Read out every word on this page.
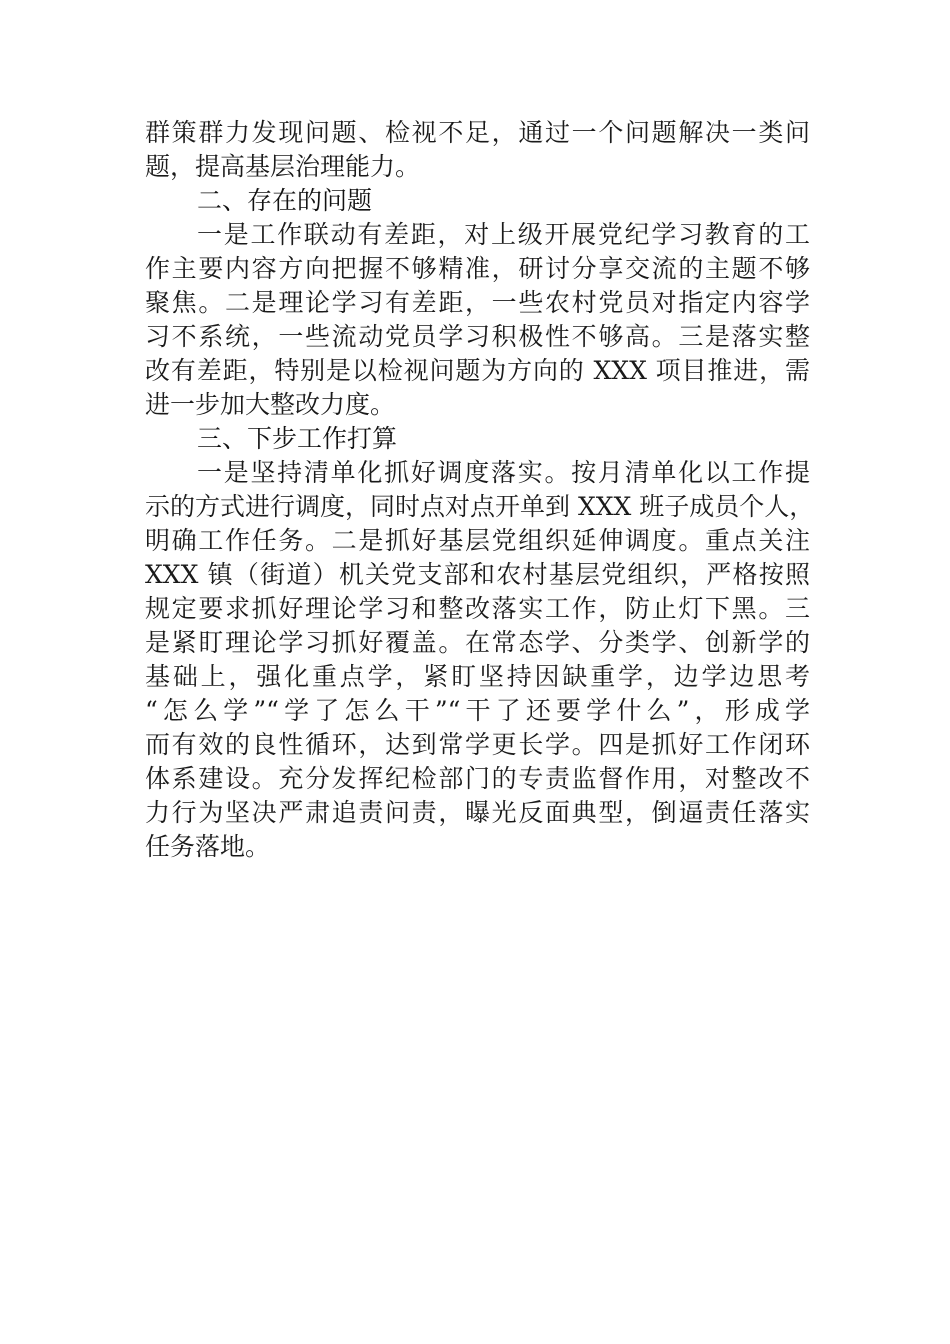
群策群力发现问题、检视不足，通过一个问题解决一类问
题，提高基层治理能力。
二、存在的问题
一是工作联动有差距，对上级开展党纪学习教育的工
作主要内容方向把握不够精准，研讨分享交流的主题不够
聚焦。二是理论学习有差距，一些农村党员对指定内容学
习不系统，一些流动党员学习积极性不够高。三是落实整
改有差距，特别是以检视问题为方向的 XXX 项目推进，需
进一步加大整改力度。
三、下步工作打算
一是坚持清单化抓好调度落实。按月清单化以工作提
示的方式进行调度，同时点对点开单到 XXX 班子成员个人，
明确工作任务。二是抓好基层党组织延伸调度。重点关注
XXX 镇（街道）机关党支部和农村基层党组织，严格按照
规定要求抓好理论学习和整改落实工作，防止灯下黑。三
是紧盯理论学习抓好覆盖。在常态学、分类学、创新学的
基础上，强化重点学，紧盯坚持因缺重学，边学边思考
“怎么学”“学了怎么干”“干了还要学什么”，形成学
而有效的良性循环，达到常学更长学。四是抓好工作闭环
体系建设。充分发挥纪检部门的专责监督作用，对整改不
力行为坚决严肃追责问责，曝光反面典型，倒逼责任落实
任务落地。
